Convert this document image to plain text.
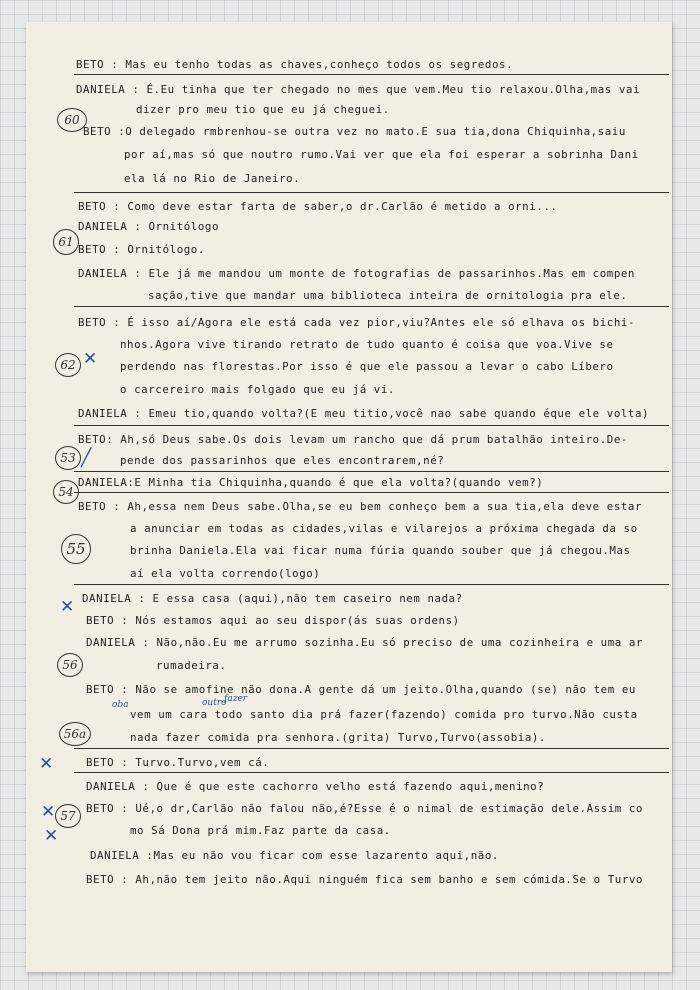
BETO : Mas eu tenho todas as chaves,conheço todos os segredos.
DANIELA : É.Eu tinha que ter chegado no mes que vem.Meu tio relaxou.Olha,mas vai
dizer pro meu tio que eu já cheguei.
BETO :O delegado rmbrenhou-se outra vez no mato.E sua tia,dona Chiquinha,saiu
por aí,mas só que noutro rumo.Vai ver que ela foi esperar a sobrinha Dani
ela lá no Rio de Janeiro.
BETO : Como deve estar farta de saber,o dr.Carlão é metido a orni...
DANIELA : Ornitólogo
BETO : Ornitólogo.
DANIELA : Ele já me mandou um monte de fotografias de passarinhos.Mas em compen
sação,tive que mandar uma biblioteca inteira de ornitologia pra ele.
BETO : É isso aí/Agora ele está cada vez pior,viu?Antes ele só elhava os bichi-
nhos.Agora vive tirando retrato de tudo quanto é coisa que voa.Vive se
perdendo nas florestas.Por isso é que ele passou a levar o cabo Líbero
o carcereiro mais folgado que eu já vi.
DANIELA : Emeu tio,quando volta?(E meu titio,você nao sabe quando éque ele volta)
BETO: Ah,só Deus sabe.Os dois levam um rancho que dá prum batalhão inteiro.De-
pende dos passarinhos que eles encontrarem,né?
DANIELA:E Minha tia Chiquinha,quando é que ela volta?(quando vem?)
BETO : Ah,essa nem Deus sabe.Olha,se eu bem conheço bem a sua tia,ela deve estar
a anunciar em todas as cidades,vilas e vilarejos a próxima chegada da so
brinha Daniela.Ela vai ficar numa fúria quando souber que já chegou.Mas
aí ela volta correndo(logo)
DANIELA : E essa casa (aqui),não tem caseiro nem nada?
BETO : Nós estamos aqui ao seu dispor(ás suas ordens)
DANIELA : Não,não.Eu me arrumo sozinha.Eu só preciso de uma cozinheira e uma ar
rumadeira.
BETO : Não se amofine não dona.A gente dá um jeito.Olha,quando (se) não tem eu
vem um cara todo santo dia prá fazer(fazendo) comida pro turvo.Não custa
nada fazer comida pra senhora.(grita) Turvo,Turvo(assobia).
BETO : Turvo.Turvo,vem cá.
DANIELA : Que é que este cachorro velho está fazendo aqui,menino?
BETO : Ué,o dr,Carlão não falou não,é?Esse é o nimal de estimação dele.Assim co
mo Sá Dona prá mim.Faz parte da casa.
DANIELA :Mas eu não vou ficar com esse lazarento aqui,não.
BETO : Ah,não tem jeito não.Aqui ninguém fica sem banho e sem cómida.Se o Turvo
60
61
62
53
54
55
56
56a
57
✕
╱
✕
✕
✕
✕
oba	outro
fazer
